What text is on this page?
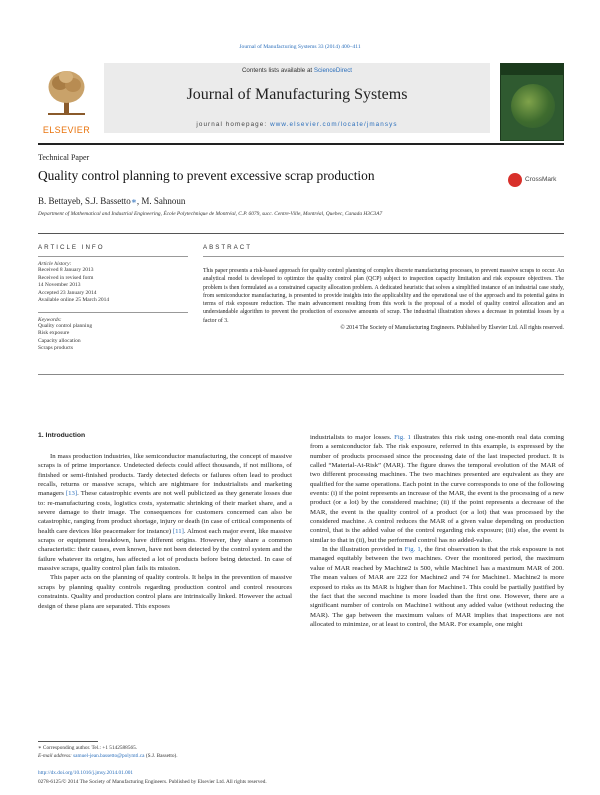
Journal of Manufacturing Systems 33 (2014) 400–411
ELSEVIER
Contents lists available at ScienceDirect
Journal of Manufacturing Systems
journal homepage: www.elsevier.com/locate/jmansys
Technical Paper
Quality control planning to prevent excessive scrap production	CrossMark
B. Bettayeb, S.J. Bassetto∗, M. Sahnoun
Department of Mathematical and Industrial Engineering, École Polytechnique de Montréal, C.P. 6079, succ. Centre-Ville, Montréal, Quebec, Canada H3C3A7
ARTICLE INFO
Article history:
Received 8 January 2013
Received in revised form
14 November 2013
Accepted 23 January 2014
Available online 25 March 2014
Keywords:
Quality control planning
Risk exposure
Capacity allocation
Scraps products
ABSTRACT
This paper presents a risk-based approach for quality control planning of complex discrete manufacturing processes, to prevent massive scraps to occur. An analytical model is developed to optimize the quality control plan (QCP) subject to inspection capacity limitation and risk exposure objectives. The problem is then formulated as a constrained capacity allocation problem. A dedicated heuristic that solves a simplified instance of an industrial case study, from semiconductor manufacturing, is presented to provide insights into the applicability and the operational use of the approach and its potential gains in terms of risk exposure reduction. The main advancement resulting from this work is the proposal of a model of quality control allocation and an understandable algorithm to prevent the production of excessive amounts of scrap. The industrial illustration shows a decrease in potential losses by a factor of 3.
© 2014 The Society of Manufacturing Engineers. Published by Elsevier Ltd. All rights reserved.
1. Introduction

In mass production industries, like semiconductor manufacturing, the concept of massive scraps is of prime importance. Undetected defects could affect thousands, if not millions, of finished or semi-finished products. Tardy detected defects or failures often lead to product recalls, returns or massive scraps, which are nightmare for industrialists and marketing managers [13]. These catastrophic events are not well publicized as they generate losses due to: re-manufacturing costs, logistics costs, systematic shrinking of their market share, and a severe damage to their image. The consequences for customers concerned can also be catastrophic, ranging from product shortage, injury or death (in case of critical components of health care devices like peacemaker for instance) [11]. Almost each major event, like massive scraps or equipment breakdown, have different origins. However, they share a common characteristic: their causes, even known, have not been detected by the control system and the failure whatever its origins, has affected a lot of products before being detected. In case of massive scraps, quality control plan fails its mission.

This paper acts on the planning of quality controls. It helps in the prevention of massive scraps by planning quality controls regarding production control and control resources constraints. Quality and production control plans are intrinsically linked. However the actual design of these plans are separated. This exposes

industrialists to major losses. Fig. 1 illustrates this risk using one-month real data coming from a semiconductor fab. The risk exposure, referred in this example, is expressed by the number of products processed since the processing date of the last inspected product. It is called “Material-At-Risk” (MAR). The figure draws the temporal evolution of the MAR of two different processing machines. The two machines presented are equivalent as they are qualified for the same operations. Each point in the curve corresponds to one of the following events: (i) if the point represents an increase of the MAR, the event is the processing of a new product (or a lot) by the considered machine; (ii) if the point represents a decrease of the MAR, the event is the quality control of a product (or a lot) that was processed by the considered machine. A control reduces the MAR of a given value depending on production control, that is the added value of the control regarding risk exposure; (iii) else, the event is similar to that in (ii), but the performed control has no added-value.

In the illustration provided in Fig. 1, the first observation is that the risk exposure is not managed equitably between the two machines. Over the monitored period, the maximum value of MAR reached by Machine2 is 500, while Machine1 has a maximum MAR of 200. The mean values of MAR are 222 for Machine2 and 74 for Machine1. Machine2 is more exposed to risks as its MAR is higher than for Machine1. This could be partially justified by the fact that the second machine is more loaded than the first one. However, there are a significant number of controls on Machine1 without any added value (without reducing the MAR). The gap between the maximum values of MAR implies that inspections are not allocated to minimize, or at least to control, the MAR. For example, one might

∗ Corresponding author. Tel.: +1 5142588565.
E-mail address: samuel-jean.bassetto@polymtl.ca (S.J. Bassetto).
http://dx.doi.org/10.1016/j.jmsy.2014.01.001
0278-6125/© 2014 The Society of Manufacturing Engineers. Published by Elsevier Ltd. All rights reserved.
